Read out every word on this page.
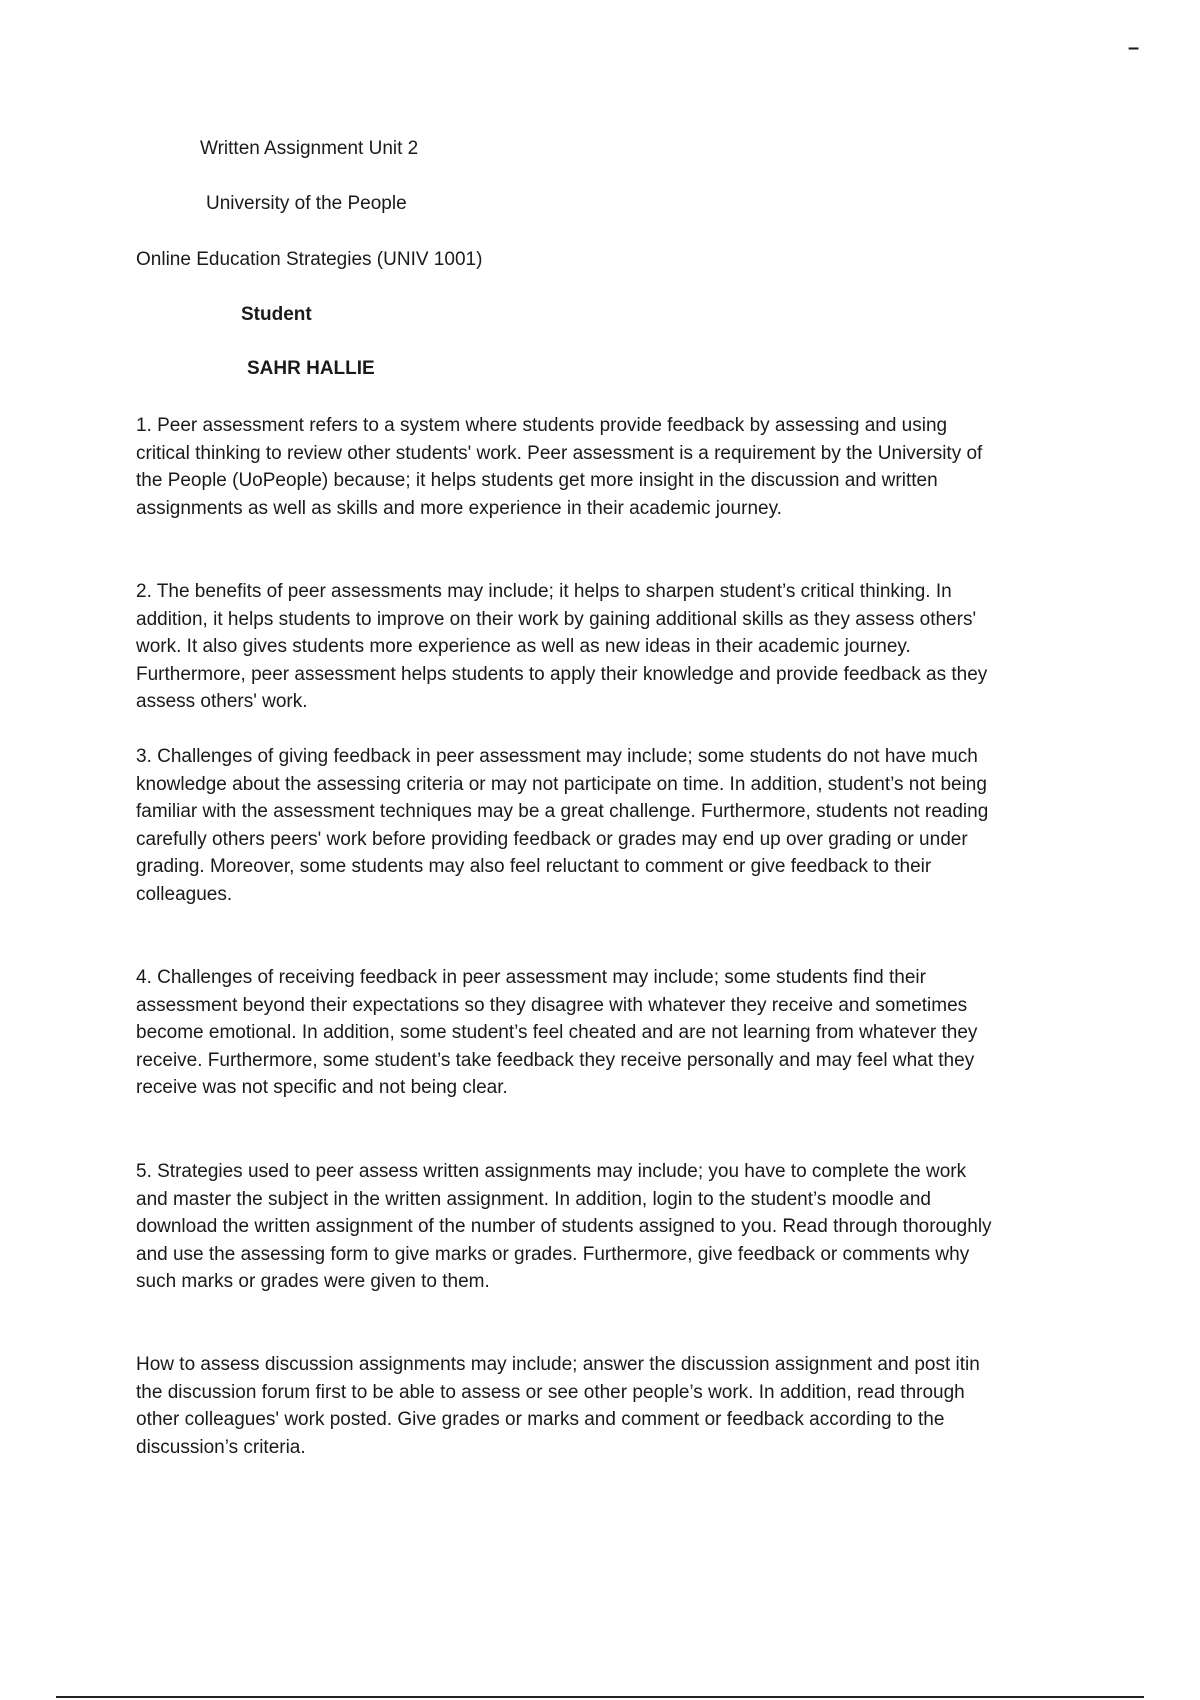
–
Written Assignment Unit 2
University of the People
Online Education Strategies (UNIV 1001)
Student
SAHR HALLIE

1. Peer assessment refers to a system where students provide feedback by assessing and using critical thinking to review other students' work. Peer assessment is a requirement by the University of the People (UoPeople) because; it helps students get more insight in the discussion and written assignments as well as skills and more experience in their academic journey.

2. The benefits of peer assessments may include; it helps to sharpen student’s critical thinking. In addition, it helps students to improve on their work by gaining additional skills as they assess others' work. It also gives students more experience as well as new ideas in their academic journey. Furthermore, peer assessment helps students to apply their knowledge and provide feedback as they assess others' work.

3. Challenges of giving feedback in peer assessment may include; some students do not have much knowledge about the assessing criteria or may not participate on time. In addition, student’s not being familiar with the assessment techniques may be a great challenge. Furthermore, students not reading carefully others peers' work before providing feedback or grades may end up over grading or under grading. Moreover, some students may also feel reluctant to comment or give feedback to their colleagues.

4. Challenges of receiving feedback in peer assessment may include; some students find their assessment beyond their expectations so they disagree with whatever they receive and sometimes become emotional. In addition, some student’s feel cheated and are not learning from whatever they receive. Furthermore, some student’s take feedback they receive personally and may feel what they receive was not specific and not being clear.

5. Strategies used to peer assess written assignments may include; you have to complete the work and master the subject in the written assignment. In addition, login to the student’s moodle and download the written assignment of the number of students assigned to you. Read through thoroughly and use the assessing form to give marks or grades. Furthermore, give feedback or comments why such marks or grades were given to them.

How to assess discussion assignments may include; answer the discussion assignment and post itin the discussion forum first to be able to assess or see other people’s work. In addition, read through other colleagues' work posted. Give grades or marks and comment or feedback according to the discussion’s criteria.
